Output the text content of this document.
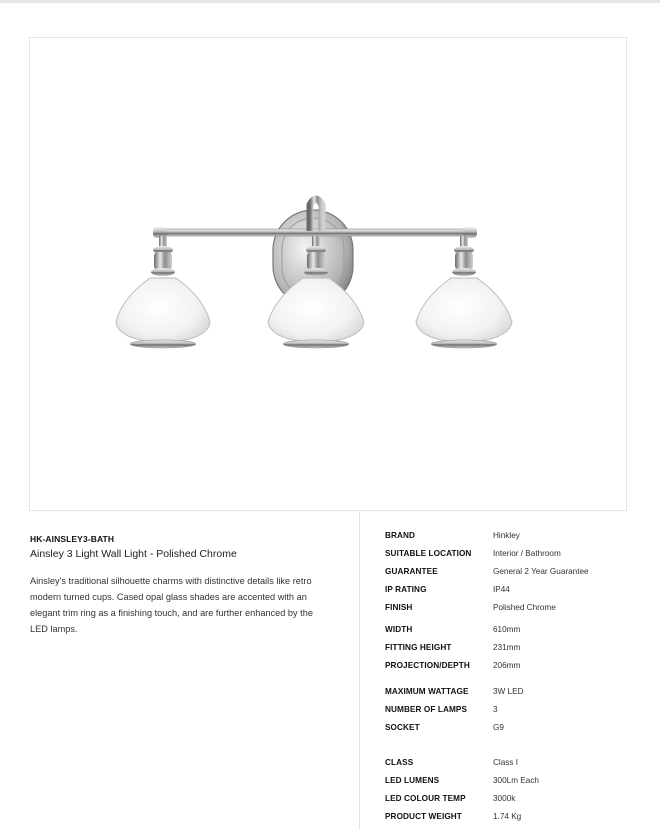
HK-AINSLEY3-BATH
Ainsley 3 Light Wall Light - Polished Chrome
Ainsley's traditional silhouette charms with distinctive details like retro modern turned cups. Cased opal glass shades are accented with an elegant trim ring as a finishing touch, and are further enhanced by the LED lamps.
BRAND	Hinkley
SUITABLE LOCATION	Interior / Bathroom
GUARANTEE	General 2 Year Guarantee
IP RATING	IP44
FINISH	Polished Chrome
WIDTH	610mm
FITTING HEIGHT	231mm
PROJECTION/DEPTH	206mm
MAXIMUM WATTAGE	3W LED
NUMBER OF LAMPS	3
SOCKET	G9
CLASS	Class I
LED LUMENS	300Lm Each
LED COLOUR TEMP	3000k
PRODUCT WEIGHT	1.74 Kg
